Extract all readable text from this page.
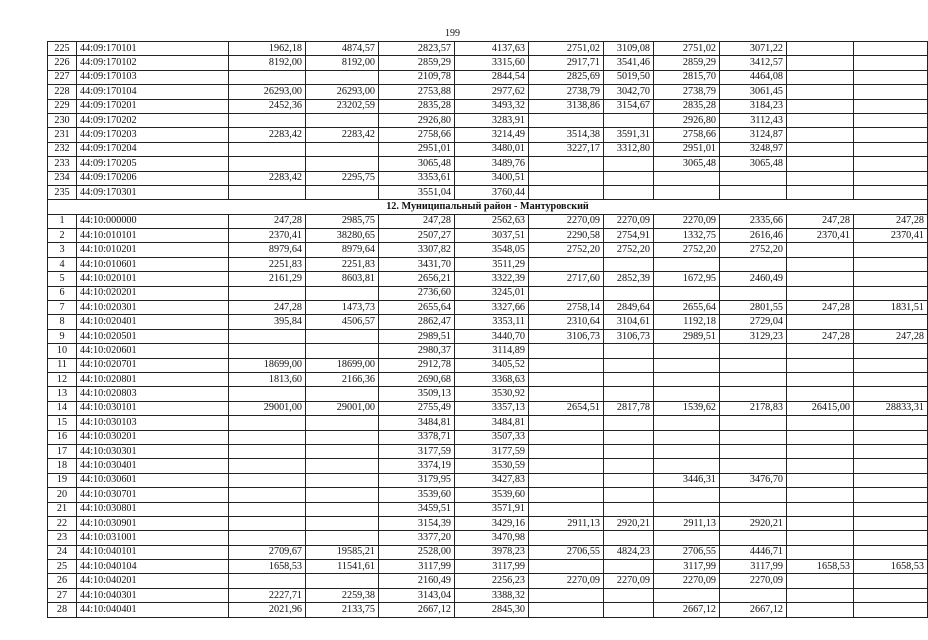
199
225	44:09:170101	1962,18	4874,57	2823,57	4137,63	2751,02	3109,08	2751,02	3071,22		
226	44:09:170102	8192,00	8192,00	2859,29	3315,60	2917,71	3541,46	2859,29	3412,57		
227	44:09:170103			2109,78	2844,54	2825,69	5019,50	2815,70	4464,08		
228	44:09:170104	26293,00	26293,00	2753,88	2977,62	2738,79	3042,70	2738,79	3061,45		
229	44:09:170201	2452,36	23202,59	2835,28	3493,32	3138,86	3154,67	2835,28	3184,23		
230	44:09:170202			2926,80	3283,91			2926,80	3112,43		
231	44:09:170203	2283,42	2283,42	2758,66	3214,49	3514,38	3591,31	2758,66	3124,87		
232	44:09:170204			2951,01	3480,01	3227,17	3312,80	2951,01	3248,97		
233	44:09:170205			3065,48	3489,76			3065,48	3065,48		
234	44:09:170206	2283,42	2295,75	3353,61	3400,51						
235	44:09:170301			3551,04	3760,44						
12. Муниципальный район - Мантуровский											
1	44:10:000000	247,28	2985,75	247,28	2562,63	2270,09	2270,09	2270,09	2335,66	247,28	247,28
2	44:10:010101	2370,41	38280,65	2507,27	3037,51	2290,58	2754,91	1332,75	2616,46	2370,41	2370,41
3	44:10:010201	8979,64	8979,64	3307,82	3548,05	2752,20	2752,20	2752,20	2752,20		
4	44:10:010601	2251,83	2251,83	3431,70	3511,29						
5	44:10:020101	2161,29	8603,81	2656,21	3322,39	2717,60	2852,39	1672,95	2460,49		
6	44:10:020201			2736,60	3245,01						
7	44:10:020301	247,28	1473,73	2655,64	3327,66	2758,14	2849,64	2655,64	2801,55	247,28	1831,51
8	44:10:020401	395,84	4506,57	2862,47	3353,11	2310,64	3104,61	1192,18	2729,04		
9	44:10:020501			2989,51	3440,70	3106,73	3106,73	2989,51	3129,23	247,28	247,28
10	44:10:020601			2980,37	3114,89						
11	44:10:020701	18699,00	18699,00	2912,78	3405,52						
12	44:10:020801	1813,60	2166,36	2690,68	3368,63						
13	44:10:020803			3509,13	3530,92						
14	44:10:030101	29001,00	29001,00	2755,49	3357,13	2654,51	2817,78	1539,62	2178,83	26415,00	28833,31
15	44:10:030103			3484,81	3484,81						
16	44:10:030201			3378,71	3507,33						
17	44:10:030301			3177,59	3177,59						
18	44:10:030401			3374,19	3530,59						
19	44:10:030601			3179,95	3427,83			3446,31	3476,70		
20	44:10:030701			3539,60	3539,60						
21	44:10:030801			3459,51	3571,91						
22	44:10:030901			3154,39	3429,16	2911,13	2920,21	2911,13	2920,21		
23	44:10:031001			3377,20	3470,98						
24	44:10:040101	2709,67	19585,21	2528,00	3978,23	2706,55	4824,23	2706,55	4446,71		
25	44:10:040104	1658,53	11541,61	3117,99	3117,99			3117,99	3117,99	1658,53	1658,53
26	44:10:040201			2160,49	2256,23	2270,09	2270,09	2270,09	2270,09		
27	44:10:040301	2227,71	2259,38	3143,04	3388,32						
28	44:10:040401	2021,96	2133,75	2667,12	2845,30			2667,12	2667,12		
